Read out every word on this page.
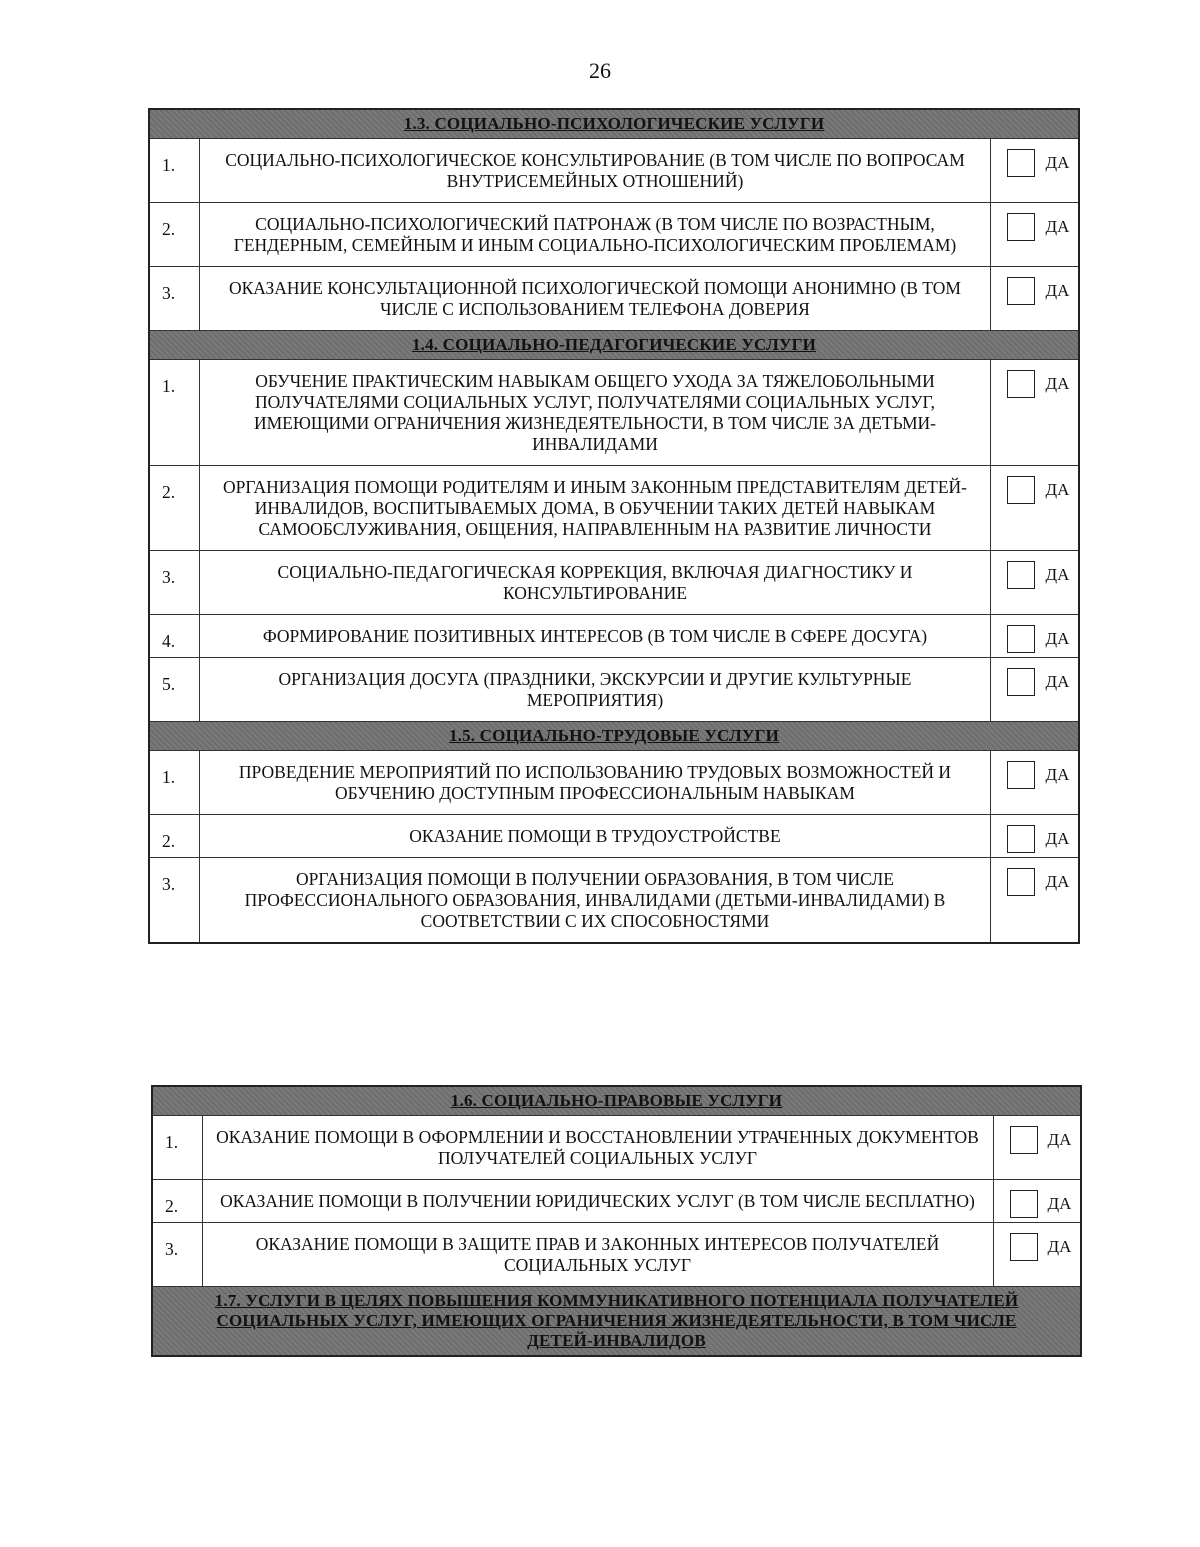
26
1.3. СОЦИАЛЬНО-ПСИХОЛОГИЧЕСКИЕ УСЛУГИ		
1.	СОЦИАЛЬНО-ПСИХОЛОГИЧЕСКОЕ КОНСУЛЬТИРОВАНИЕ (В ТОМ ЧИСЛЕ ПО ВОПРОСАМ ВНУТРИСЕМЕЙНЫХ ОТНОШЕНИЙ)	ДА
2.	СОЦИАЛЬНО-ПСИХОЛОГИЧЕСКИЙ ПАТРОНАЖ (В ТОМ ЧИСЛЕ ПО ВОЗРАСТНЫМ, ГЕНДЕРНЫМ, СЕМЕЙНЫМ И ИНЫМ СОЦИАЛЬНО-ПСИХОЛОГИЧЕСКИМ ПРОБЛЕМАМ)	ДА
3.	ОКАЗАНИЕ КОНСУЛЬТАЦИОННОЙ ПСИХОЛОГИЧЕСКОЙ ПОМОЩИ АНОНИМНО (В ТОМ ЧИСЛЕ С ИСПОЛЬЗОВАНИЕМ ТЕЛЕФОНА ДОВЕРИЯ	ДА
1.4. СОЦИАЛЬНО-ПЕДАГОГИЧЕСКИЕ УСЛУГИ		
1.	ОБУЧЕНИЕ ПРАКТИЧЕСКИМ НАВЫКАМ ОБЩЕГО УХОДА ЗА ТЯЖЕЛОБОЛЬНЫМИ ПОЛУЧАТЕЛЯМИ СОЦИАЛЬНЫХ УСЛУГ, ПОЛУЧАТЕЛЯМИ СОЦИАЛЬНЫХ УСЛУГ, ИМЕЮЩИМИ ОГРАНИЧЕНИЯ ЖИЗНЕДЕЯТЕЛЬНОСТИ, В ТОМ ЧИСЛЕ ЗА ДЕТЬМИ-ИНВАЛИДАМИ	ДА
2.	ОРГАНИЗАЦИЯ ПОМОЩИ РОДИТЕЛЯМ И ИНЫМ ЗАКОННЫМ ПРЕДСТАВИТЕЛЯМ ДЕТЕЙ-ИНВАЛИДОВ, ВОСПИТЫВАЕМЫХ ДОМА, В ОБУЧЕНИИ ТАКИХ ДЕТЕЙ НАВЫКАМ САМООБСЛУЖИВАНИЯ, ОБЩЕНИЯ, НАПРАВЛЕННЫМ НА РАЗВИТИЕ ЛИЧНОСТИ	ДА
3.	СОЦИАЛЬНО-ПЕДАГОГИЧЕСКАЯ КОРРЕКЦИЯ, ВКЛЮЧАЯ ДИАГНОСТИКУ И КОНСУЛЬТИРОВАНИЕ	ДА
4.	ФОРМИРОВАНИЕ ПОЗИТИВНЫХ ИНТЕРЕСОВ (В ТОМ ЧИСЛЕ В СФЕРЕ ДОСУГА)	ДА
5.	ОРГАНИЗАЦИЯ ДОСУГА (ПРАЗДНИКИ, ЭКСКУРСИИ И ДРУГИЕ КУЛЬТУРНЫЕ МЕРОПРИЯТИЯ)	ДА
1.5. СОЦИАЛЬНО-ТРУДОВЫЕ УСЛУГИ		
1.	ПРОВЕДЕНИЕ МЕРОПРИЯТИЙ ПО ИСПОЛЬЗОВАНИЮ ТРУДОВЫХ ВОЗМОЖНОСТЕЙ И ОБУЧЕНИЮ ДОСТУПНЫМ ПРОФЕССИОНАЛЬНЫМ НАВЫКАМ	ДА
2.	ОКАЗАНИЕ ПОМОЩИ В ТРУДОУСТРОЙСТВЕ	ДА
3.	ОРГАНИЗАЦИЯ ПОМОЩИ В ПОЛУЧЕНИИ ОБРАЗОВАНИЯ, В ТОМ ЧИСЛЕ ПРОФЕССИОНАЛЬНОГО ОБРАЗОВАНИЯ, ИНВАЛИДАМИ (ДЕТЬМИ-ИНВАЛИДАМИ) В СООТВЕТСТВИИ С ИХ СПОСОБНОСТЯМИ	ДА
1.6. СОЦИАЛЬНО-ПРАВОВЫЕ УСЛУГИ		
1.	ОКАЗАНИЕ ПОМОЩИ В ОФОРМЛЕНИИ И ВОССТАНОВЛЕНИИ УТРАЧЕННЫХ ДОКУМЕНТОВ ПОЛУЧАТЕЛЕЙ СОЦИАЛЬНЫХ УСЛУГ	ДА
2.	ОКАЗАНИЕ ПОМОЩИ В ПОЛУЧЕНИИ ЮРИДИЧЕСКИХ УСЛУГ (В ТОМ ЧИСЛЕ БЕСПЛАТНО)	ДА
3.	ОКАЗАНИЕ ПОМОЩИ В ЗАЩИТЕ ПРАВ И ЗАКОННЫХ ИНТЕРЕСОВ ПОЛУЧАТЕЛЕЙ СОЦИАЛЬНЫХ УСЛУГ	ДА
1.7. УСЛУГИ В ЦЕЛЯХ ПОВЫШЕНИЯ КОММУНИКАТИВНОГО ПОТЕНЦИАЛА ПОЛУЧАТЕЛЕЙ СОЦИАЛЬНЫХ УСЛУГ, ИМЕЮЩИХ ОГРАНИЧЕНИЯ ЖИЗНЕДЕЯТЕЛЬНОСТИ, В ТОМ ЧИСЛЕ ДЕТЕЙ-ИНВАЛИДОВ		
